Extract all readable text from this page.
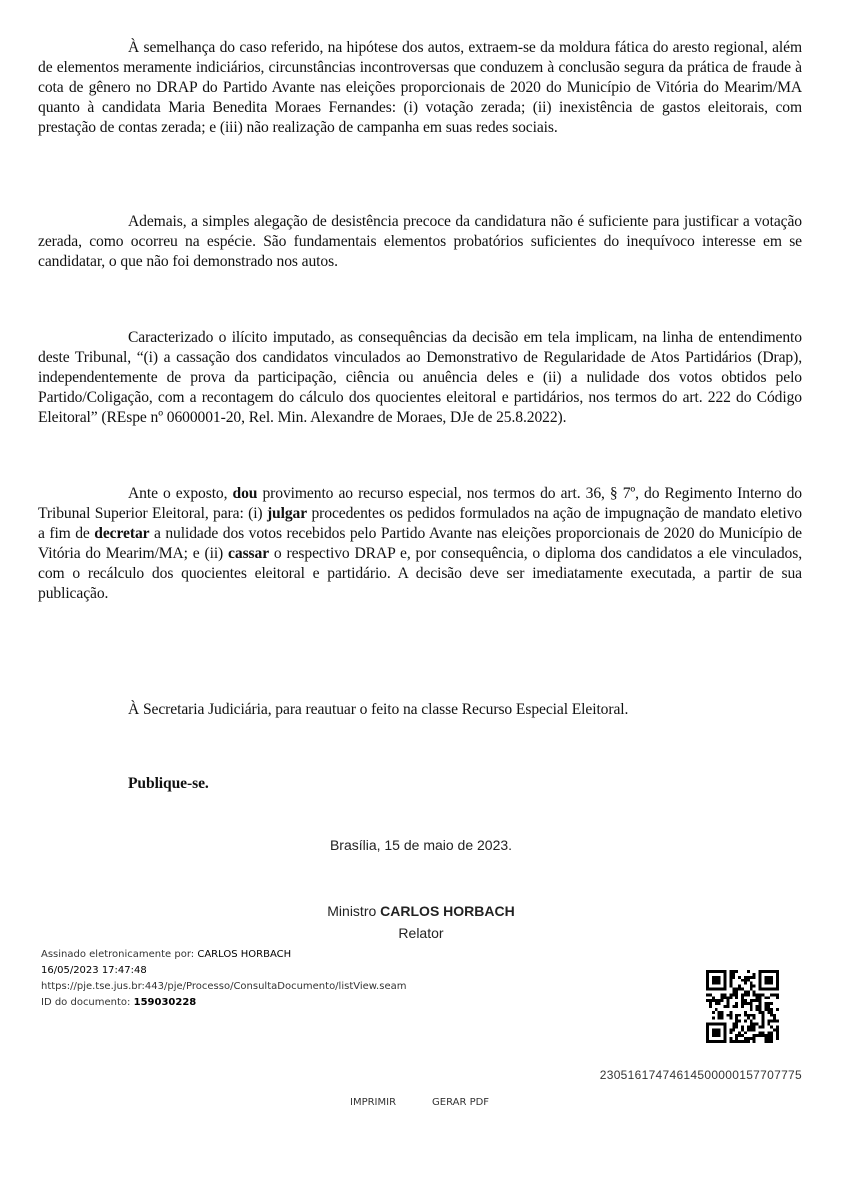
À semelhança do caso referido, na hipótese dos autos, extraem-se da moldura fática do aresto regional, além de elementos meramente indiciários, circunstâncias incontroversas que conduzem à conclusão segura da prática de fraude à cota de gênero no DRAP do Partido Avante nas eleições proporcionais de 2020 do Município de Vitória do Mearim/MA quanto à candidata Maria Benedita Moraes Fernandes: (i) votação zerada; (ii) inexistência de gastos eleitorais, com prestação de contas zerada; e (iii) não realização de campanha em suas redes sociais.

Ademais, a simples alegação de desistência precoce da candidatura não é suficiente para justificar a votação zerada, como ocorreu na espécie. São fundamentais elementos probatórios suficientes do inequívoco interesse em se candidatar, o que não foi demonstrado nos autos.

Caracterizado o ilícito imputado, as consequências da decisão em tela implicam, na linha de entendimento deste Tribunal, “(i) a cassação dos candidatos vinculados ao Demonstrativo de Regularidade de Atos Partidários (Drap), independentemente de prova da participação, ciência ou anuência deles e (ii) a nulidade dos votos obtidos pelo Partido/Coligação, com a recontagem do cálculo dos quocientes eleitoral e partidários, nos termos do art. 222 do Código Eleitoral” (REspe nº 0600001-20, Rel. Min. Alexandre de Moraes, DJe de 25.8.2022).

Ante o exposto, dou provimento ao recurso especial, nos termos do art. 36, § 7º, do Regimento Interno do Tribunal Superior Eleitoral, para: (i) julgar procedentes os pedidos formulados na ação de impugnação de mandato eletivo a fim de decretar a nulidade dos votos recebidos pelo Partido Avante nas eleições proporcionais de 2020 do Município de Vitória do Mearim/MA; e (ii) cassar o respectivo DRAP e, por consequência, o diploma dos candidatos a ele vinculados, com o recálculo dos quocientes eleitoral e partidário. A decisão deve ser imediatamente executada, a partir de sua publicação.

À Secretaria Judiciária, para reautuar o feito na classe Recurso Especial Eleitoral.

Publique-se.

Brasília, 15 de maio de 2023.
Ministro CARLOS HORBACH
Relator
Assinado eletronicamente por: CARLOS HORBACH
16/05/2023 17:47:48
https://pje.tse.jus.br:443/pje/Processo/ConsultaDocumento/listView.seam
ID do documento: 159030228
23051617474614500000157707775
IMPRIMIR	GERAR PDF
